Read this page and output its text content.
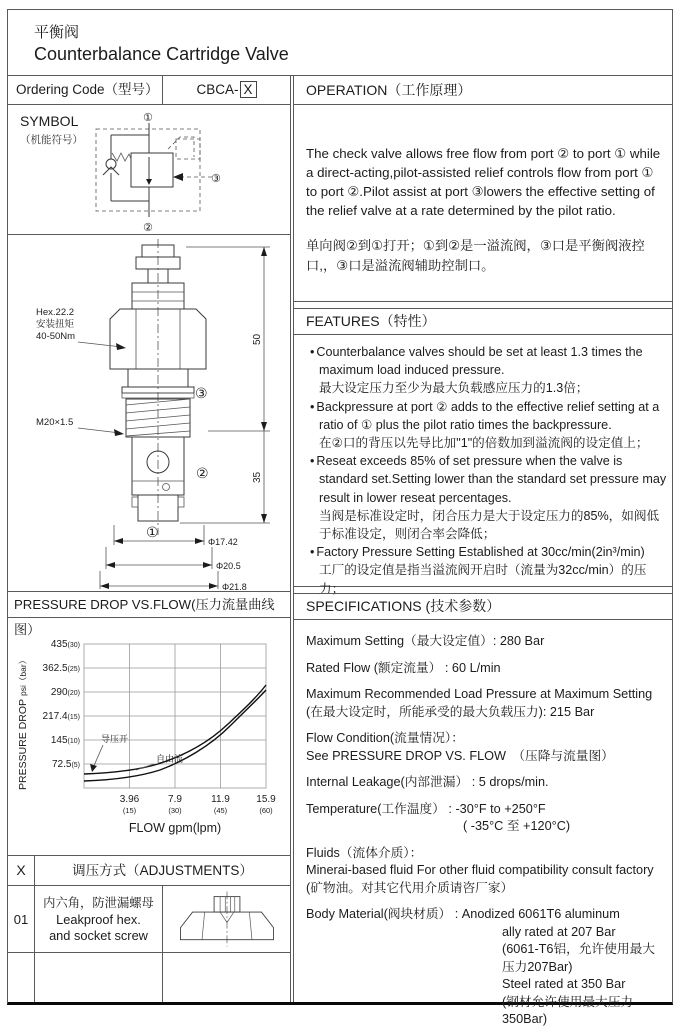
平衡阀
Counterbalance Cartridge Valve
Ordering Code（型号）	CBCA- X
SYMBOL
（机能符号）
①
②
③
Hex.22.2
安装扭矩
40-50Nm
M20×1.5
50
35
③
②
①
Φ17.42
Φ20.5
Φ21.8
PRESSURE DROP VS.FLOW(压力流量曲线图）
435(30)
362.5(25)
290(20)
217.4(15)
145(10)
72.5(5)
3.96
(15)
7.9
(30)
11.9
(45)
15.9
(60)
FLOW gpm(lpm)
PRESSURE DROPpsi（bar）
导压开
自由流
X	调压方式（ADJUSTMENTS）
01
内六角，防泄漏螺母
Leakproof hex.
and socket screw
OPERATION（工作原理）
The check valve allows free flow from port ② to port ① while a direct-acting,pilot-assisted relief controls flow from port ① to port ②.Pilot assist at port ③lowers the effective setting of the relief valve at a rate determined by the pilot ratio.
单向阀②到①打开；①到②是一溢流阀，③口是平衡阀液控口,，③口是溢流阀辅助控制口。
FEATURES（特性）
• Counterbalance valves should be set at least 1.3 times the maximum load induced pressure.
最大设定压力至少为最大负载感应压力的1.3倍；
• Backpressure at port ② adds to the effective relief setting at a ratio of ① plus the pilot ratio times the backpressure.
在②口的背压以先导比加"1"的倍数加到溢流阀的设定值上；
• Reseat exceeds 85% of set pressure when the valve is standard set.Setting lower than the standard set pressure may result in lower reseat percentages.
当阀是标准设定时，闭合压力是大于设定压力的85%，如阀低于标准设定，则闭合率会降低；
• Factory Pressure Setting Established at 30cc/min(2in³/min)
工厂的设定值是指当溢流阀开启时（流量为32cc/min）的压力；
SPECIFICATIONS (技术参数）
Maximum Setting（最大设定值）: 280 Bar
Rated Flow (额定流量） : 60 L/min
Maximum Recommended Load Pressure at Maximum Setting
(在最大设定时，所能承受的最大负载压力): 215 Bar
Flow Condition(流量情况）：
See PRESSURE DROP VS. FLOW　（压降与流量图）
Internal Leakage(内部泄漏） : 5 drops/min.
Temperature(工作温度） : -30°F to +250°F
( -35°C 至 +120°C)
Fluids（流体介质）：
Minerai-based fluid For other fluid compatibility consult factory
(矿物油。对其它代用介质请咨厂家）
Body Material(阀块材质） : Anodized 6061T6 aluminum
ally rated at 207 Bar
(6061-T6铝，允许使用最大压力207Bar)
Steel rated at 350 Bar
(钢材允许使用最大压力350Bar)
